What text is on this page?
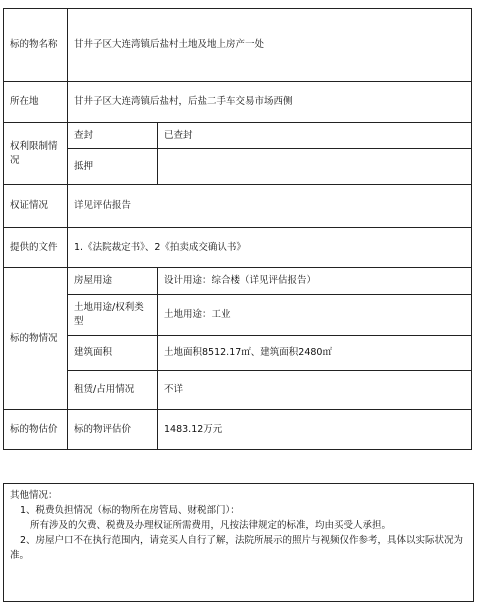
标的物名称	甘井子区大连湾镇后盐村土地及地上房产一处	
所在地	甘井子区大连湾镇后盐村，后盐二手车交易市场西侧	
权利限制情况	查封	已查封
	抵押	
权证情况	详见评估报告	
提供的文件	1.《法院裁定书》、2《拍卖成交确认书》	
标的物情况	房屋用途	设计用途：综合楼（详见评估报告）
	土地用途/权利类型	土地用途：工业
	建筑面积	土地面积8512.17㎡、建筑面积2480㎡
	租赁/占用情况	不详
标的物估价	标的物评估价	1483.12万元

其他情况：

1、税费负担情况（标的物所在房管局、财税部门）：

所有涉及的欠费、税费及办理权证所需费用，凡按法律规定的标准，均由买受人承担。

2、房屋户口不在执行范围内，请竞买人自行了解，法院所展示的照片与视频仅作参考，具体以实际状况为

准。
